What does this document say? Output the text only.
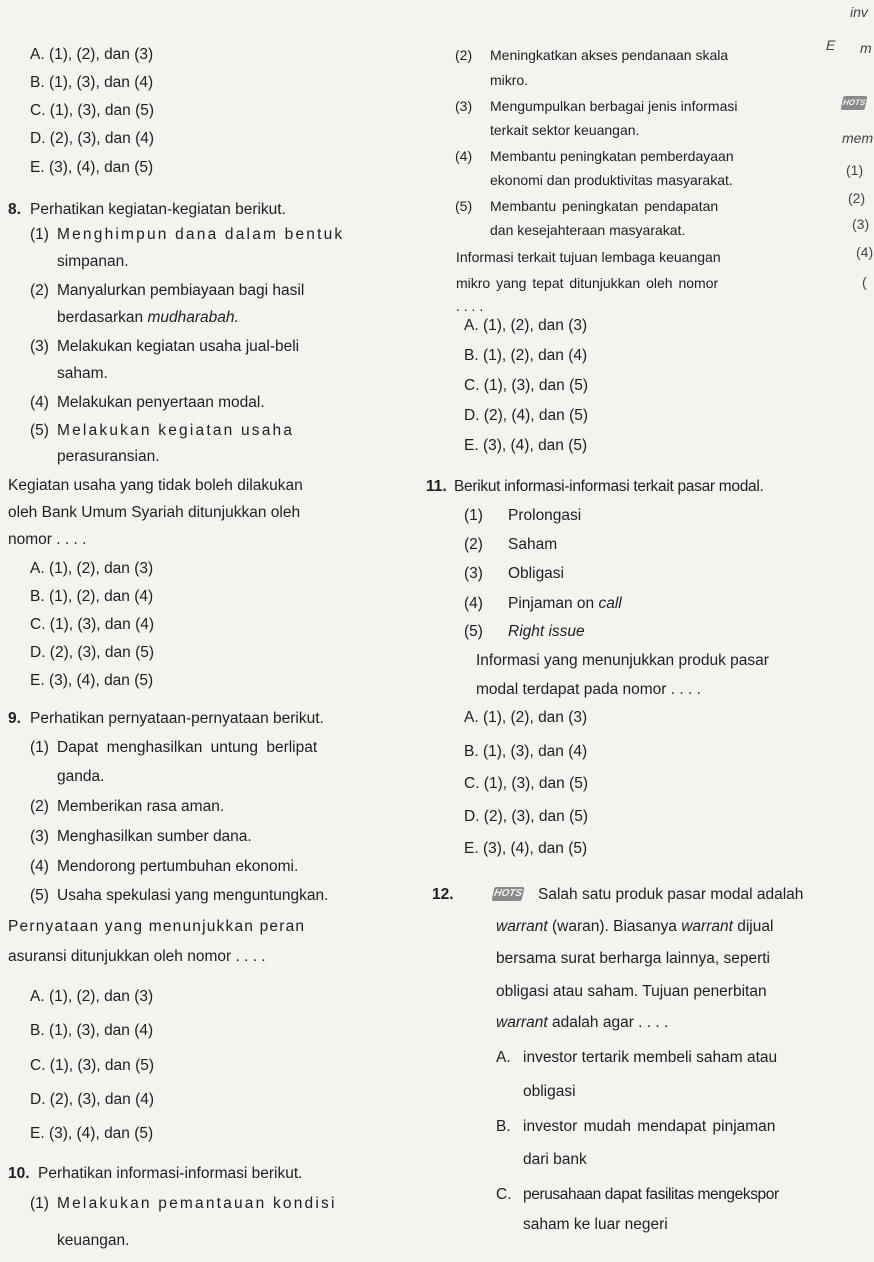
A. (1), (2), dan (3)
B. (1), (3), dan (4)
C. (1), (3), dan (5)
D. (2), (3), dan (4)
E. (3), (4), dan (5)
8. Perhatikan kegiatan-kegiatan berikut.
(1) Menghimpun dana dalam bentuk
simpanan.
(2) Manyalurkan pembiayaan bagi hasil
berdasarkan mudharabah.
(3) Melakukan kegiatan usaha jual-beli
saham.
(4) Melakukan penyertaan modal.
(5) Melakukan kegiatan usaha
perasuransian.
Kegiatan usaha yang tidak boleh dilakukan
oleh Bank Umum Syariah ditunjukkan oleh
nomor . . . .
A. (1), (2), dan (3)
B. (1), (2), dan (4)
C. (1), (3), dan (4)
D. (2), (3), dan (5)
E. (3), (4), dan (5)
9. Perhatikan pernyataan-pernyataan berikut.
(1) Dapat menghasilkan untung berlipat
ganda.
(2) Memberikan rasa aman.
(3) Menghasilkan sumber dana.
(4) Mendorong pertumbuhan ekonomi.
(5) Usaha spekulasi yang menguntungkan.
Pernyataan yang menunjukkan peran
asuransi ditunjukkan oleh nomor . . . .
A. (1), (2), dan (3)
B. (1), (3), dan (4)
C. (1), (3), dan (5)
D. (2), (3), dan (4)
E. (3), (4), dan (5)
10. Perhatikan informasi-informasi berikut.
(1) Melakukan pemantauan kondisi
keuangan.
(2) Meningkatkan akses pendanaan skala
mikro.
(3) Mengumpulkan berbagai jenis informasi
terkait sektor keuangan.
(4) Membantu peningkatan pemberdayaan
ekonomi dan produktivitas masyarakat.
(5) Membantu peningkatan pendapatan
dan kesejahteraan masyarakat.
Informasi terkait tujuan lembaga keuangan
mikro yang tepat ditunjukkan oleh nomor
. . . .
A. (1), (2), dan (3)
B. (1), (2), dan (4)
C. (1), (3), dan (5)
D. (2), (4), dan (5)
E. (3), (4), dan (5)
11. Berikut informasi-informasi terkait pasar modal.
(1) Prolongasi
(2) Saham
(3) Obligasi
(4) Pinjaman on call
(5) Right issue
Informasi yang menunjukkan produk pasar
modal terdapat pada nomor . . . .
A. (1), (2), dan (3)
B. (1), (3), dan (4)
C. (1), (3), dan (5)
D. (2), (3), dan (5)
E. (3), (4), dan (5)
12.	HOTS Salah satu produk pasar modal adalah
warrant (waran). Biasanya warrant dijual
bersama surat berharga lainnya, seperti
obligasi atau saham. Tujuan penerbitan
warrant adalah agar . . . .
A. investor tertarik membeli saham atau
obligasi
B. investor mudah mendapat pinjaman
dari bank
C. perusahaan dapat fasilitas mengekspor
saham ke luar negeri
inv
E m
HOTS
mem
(1)
(2)
(3)
(4)
(
